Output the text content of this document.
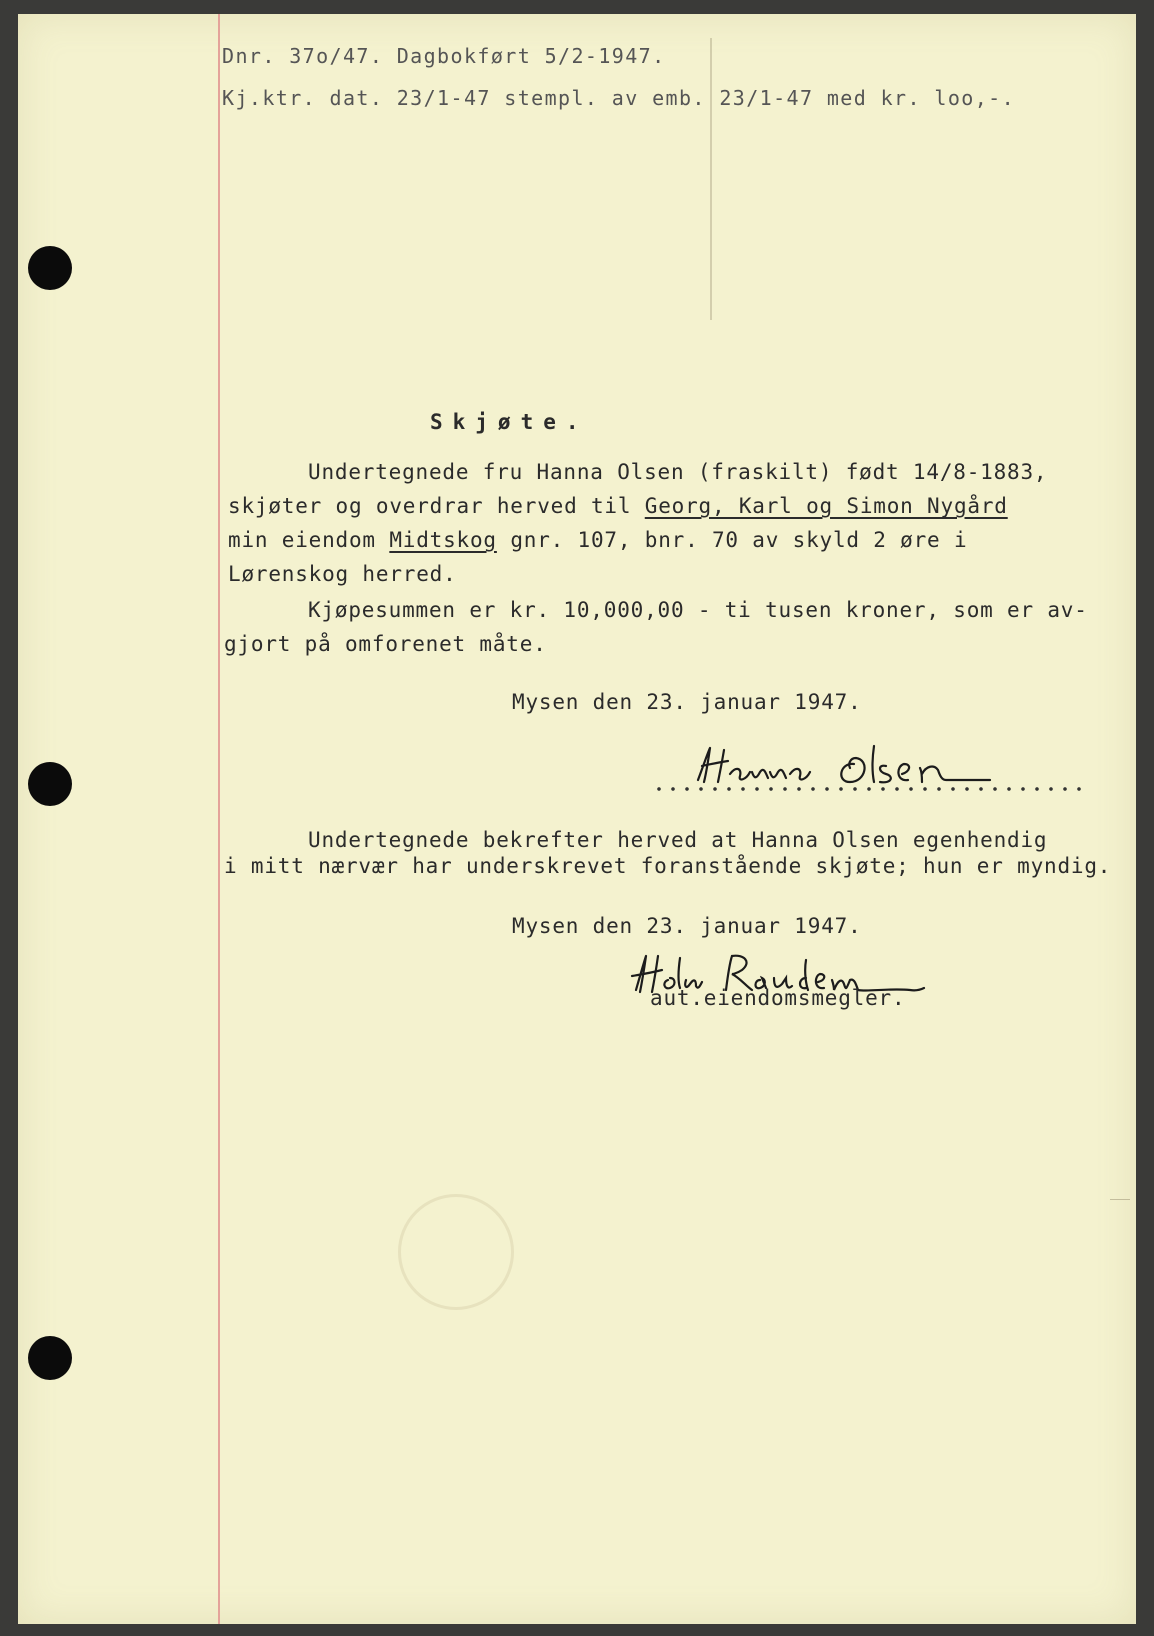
Dnr. 37o/47. Dagbokført 5/2-1947.
Kj.ktr. dat. 23/1-47 stempl. av emb. 23/1-47 med kr. loo,-.
Skjøte.
Undertegnede fru Hanna Olsen (fraskilt) født 14/8-1883,
skjøter og overdrar herved til Georg, Karl og Simon Nygård
min eiendom Midtskog gnr. 107, bnr. 70 av skyld 2 øre i
Lørenskog herred.
Kjøpesummen er kr. 10,000,00 - ti tusen kroner, som er av-
gjort på omforenet måte.
Mysen den 23. januar 1947.
Undertegnede bekrefter herved at Hanna Olsen egenhendig
i mitt nærvær har underskrevet foranstående skjøte; hun er myndig.
Mysen den 23. januar 1947.
aut.eiendomsmegler.
